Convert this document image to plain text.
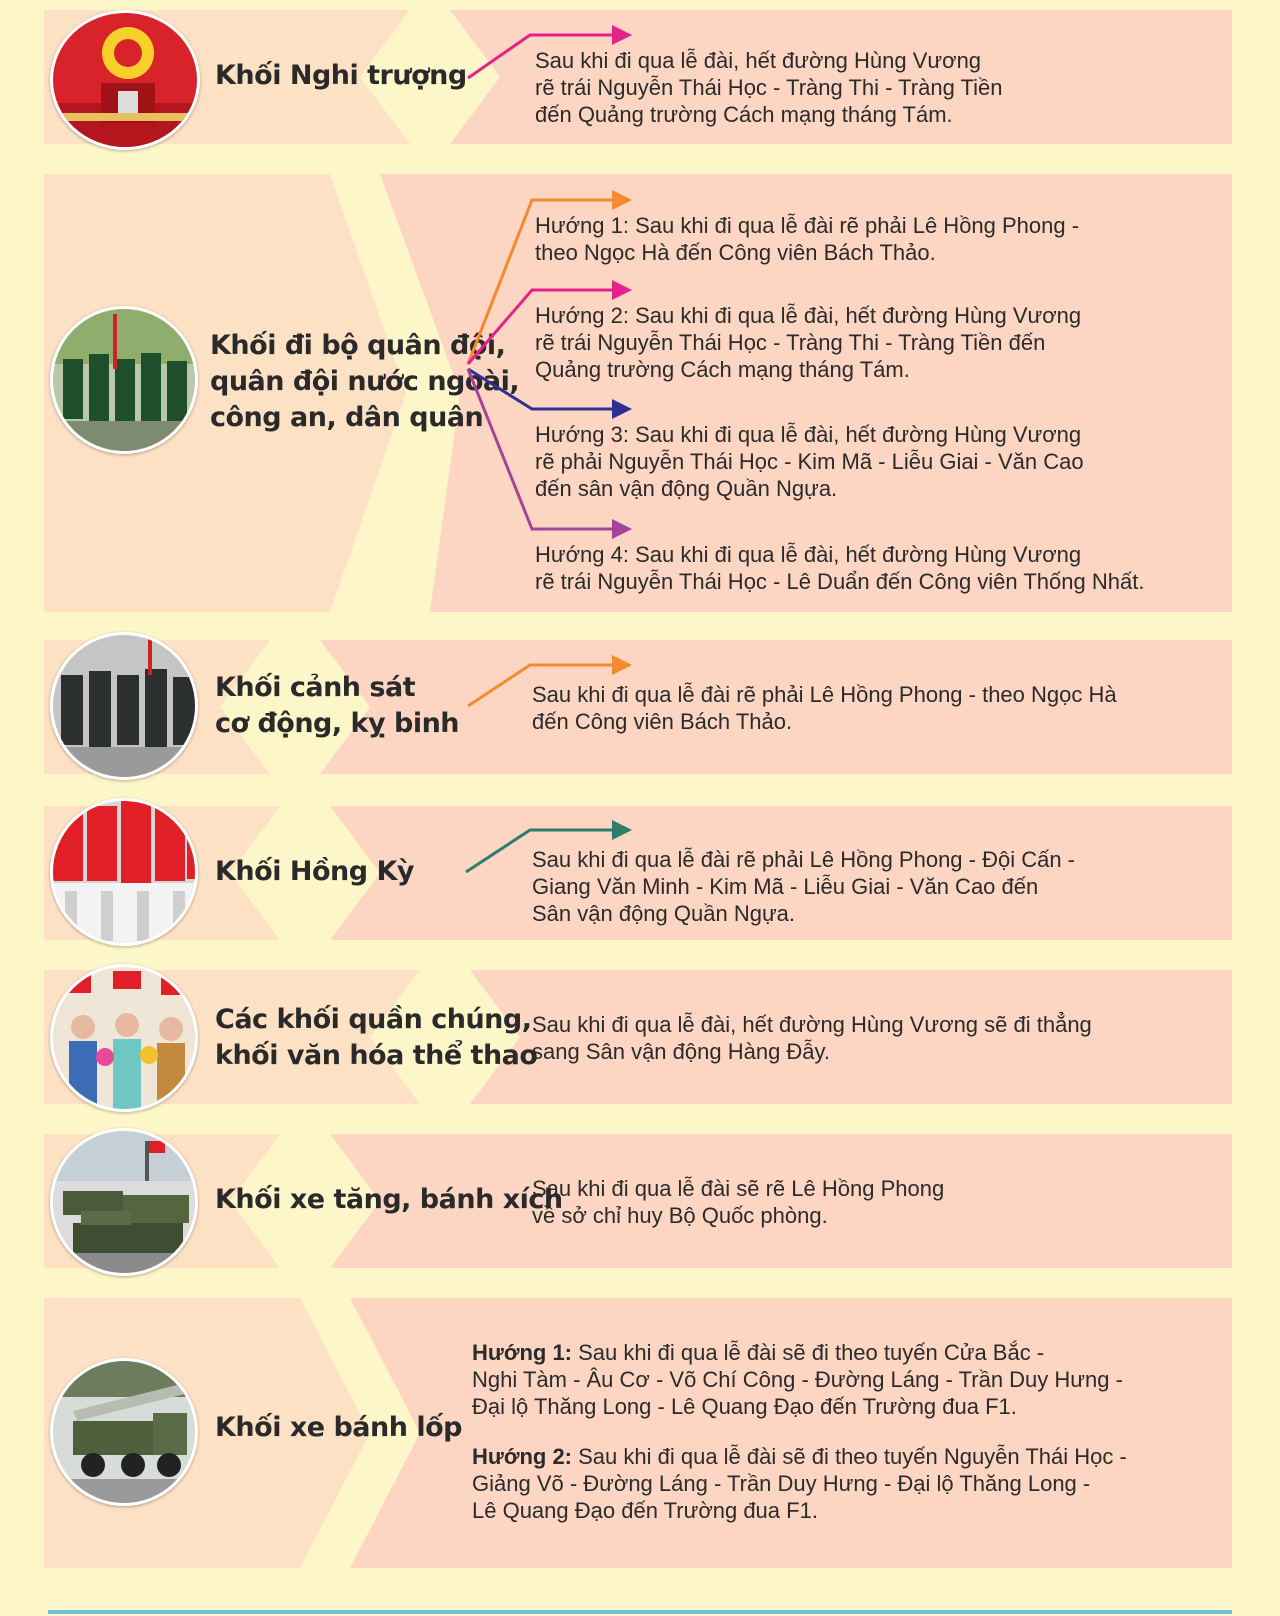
Khối Nghi trượng	Sau khi đi qua lễ đài, hết đường Hùng Vương
rẽ trái Nguyễn Thái Học - Tràng Thi - Tràng Tiền
đến Quảng trường Cách mạng tháng Tám.
Khối đi bộ quân đội,
quân đội nước ngoài,
công an, dân quân
Hướng 1: Sau khi đi qua lễ đài rẽ phải Lê Hồng Phong -
theo Ngọc Hà đến Công viên Bách Thảo.
Hướng 2: Sau khi đi qua lễ đài, hết đường Hùng Vương
rẽ trái Nguyễn Thái Học - Tràng Thi - Tràng Tiền đến
Quảng trường Cách mạng tháng Tám.
Hướng 3: Sau khi đi qua lễ đài, hết đường Hùng Vương
rẽ phải Nguyễn Thái Học - Kim Mã - Liễu Giai - Văn Cao
đến sân vận động Quần Ngựa.
Hướng 4: Sau khi đi qua lễ đài, hết đường Hùng Vương
rẽ trái Nguyễn Thái Học - Lê Duẩn đến Công viên Thống Nhất.
Khối cảnh sát
cơ động, kỵ binh
Sau khi đi qua lễ đài rẽ phải Lê Hồng Phong - theo Ngọc Hà
đến Công viên Bách Thảo.
Khối Hồng Kỳ	Sau khi đi qua lễ đài rẽ phải Lê Hồng Phong - Đội Cấn -
Giang Văn Minh - Kim Mã - Liễu Giai - Văn Cao đến
Sân vận động Quần Ngựa.
Các khối quần chúng,
khối văn hóa thể thao
Sau khi đi qua lễ đài, hết đường Hùng Vương sẽ đi thẳng
sang Sân vận động Hàng Đẫy.
Khối xe tăng, bánh xích
Sau khi đi qua lễ đài sẽ rẽ Lê Hồng Phong
về sở chỉ huy Bộ Quốc phòng.
Khối xe bánh lốp
Hướng 1: Sau khi đi qua lễ đài sẽ đi theo tuyến Cửa Bắc -
Nghi Tàm - Âu Cơ - Võ Chí Công - Đường Láng - Trần Duy Hưng -
Đại lộ Thăng Long - Lê Quang Đạo đến Trường đua F1.
Hướng 2: Sau khi đi qua lễ đài sẽ đi theo tuyến Nguyễn Thái Học -
Giảng Võ - Đường Láng - Trần Duy Hưng - Đại lộ Thăng Long -
Lê Quang Đạo đến Trường đua F1.
